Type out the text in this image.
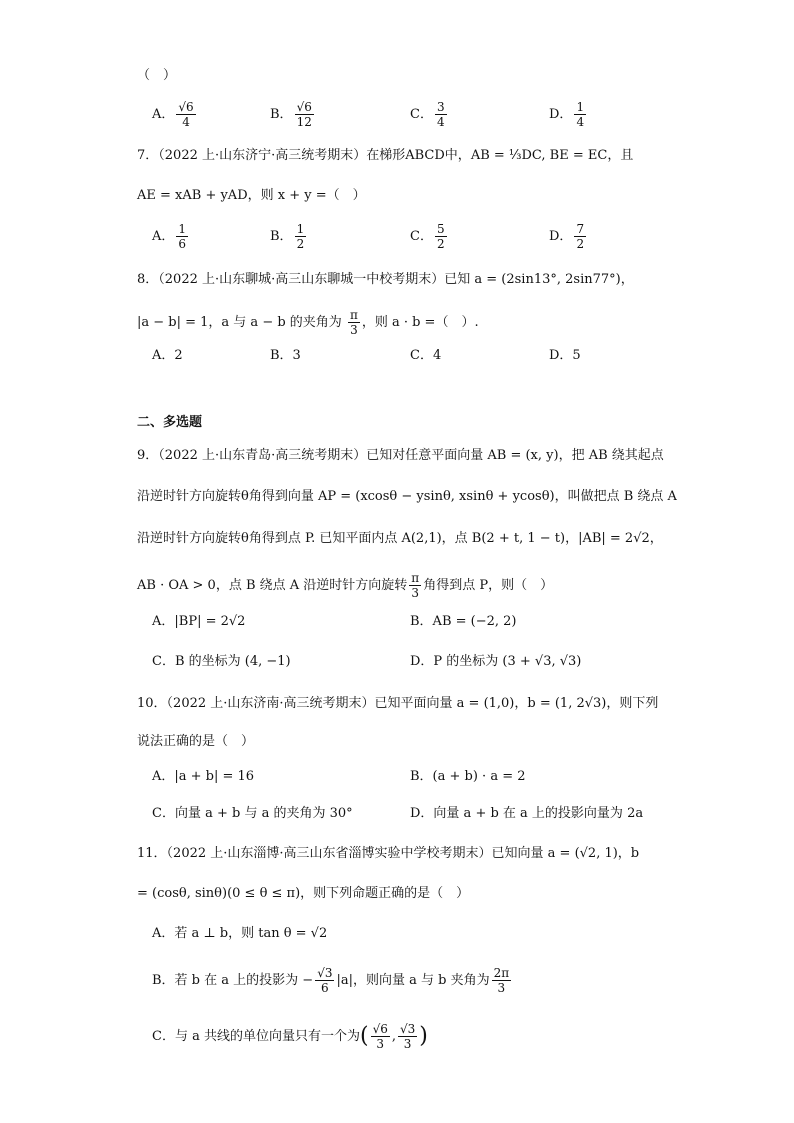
（　）
A． $\frac{√6}{4}$	B． $\frac{√6}{12}$	C． $\frac{3}{4}$	D． $\frac{1}{4}$
7．（2022 上·山东济宁·高三统考期末）在梯形ABCD中，AB = ⅓DC, BE = EC，且
AE = xAB + yAD，则 x + y =（　）
A． $\frac{1}{6}$	B． $\frac{1}{2}$	C． $\frac{5}{2}$	D． $\frac{7}{2}$
8．（2022 上·山东聊城·高三山东聊城一中校考期末）已知 a = (2sin13°, 2sin77°)，
|a − b| = 1，a 与 a − b 的夹角为 $\frac{\pi}{3}$ ，则 a · b =（　）.
A．2	B．3	C．4	D．5
二、多选题
9．（2022 上·山东青岛·高三统考期末）已知对任意平面向量 AB = (x, y)，把 AB 绕其起点
沿逆时针方向旋转θ角得到向量 AP = (xcosθ − ysinθ, xsinθ + ycosθ)，叫做把点 B 绕点 A
沿逆时针方向旋转θ角得到点 P. 已知平面内点 A(2,1)，点 B(2 + t, 1 − t)，|AB| = 2√2，
AB · OA > 0，点 B 绕点 A 沿逆时针方向旋转 $\frac{\pi}{3}$ 角得到点 P，则（　）
A．|BP| = 2√2	B．AB = (−2, 2)
C．B 的坐标为 (4, −1)	D．P 的坐标为 (3 + √3, √3)
10．（2022 上·山东济南·高三统考期末）已知平面向量 a = (1,0)，b = (1, 2√3)，则下列
说法正确的是（　）
A．|a + b| = 16	B．(a + b) · a = 2
C．向量 a + b 与 a 的夹角为 30°	D．向量 a + b 在 a 上的投影向量为 2a
11．（2022 上·山东淄博·高三山东省淄博实验中学校考期末）已知向量 a = (√2, 1)，b
= (cosθ, sinθ)(0 ≤ θ ≤ π)，则下列命题正确的是（　）
A．若 a ⊥ b，则 tan θ = √2
B．若 b 在 a 上的投影为 − $\frac{√3}{6} |a|$，则向量 a 与 b 夹角为 $\frac{2\pi}{3}$
C．与 a 共线的单位向量只有一个为( $\frac{√6}{3}$ , $\frac{√3}{3}$ )
